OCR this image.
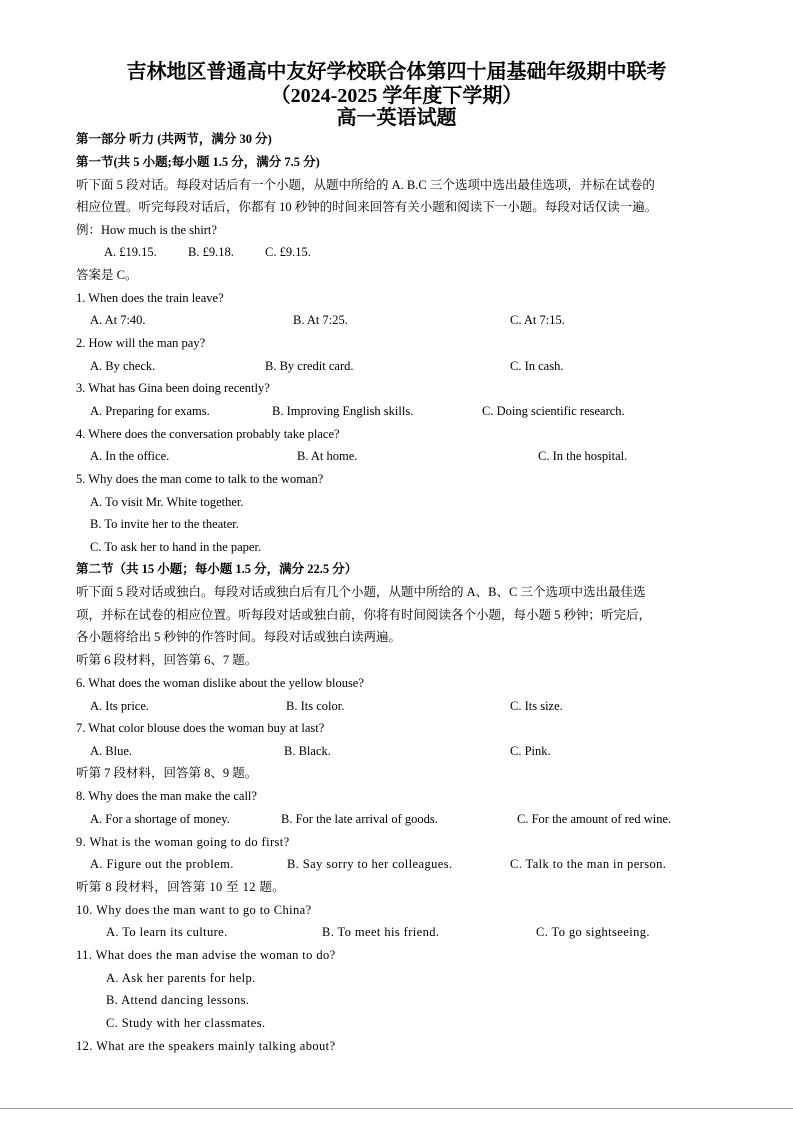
吉林地区普通高中友好学校联合体第四十届基础年级期中联考
（2024-2025 学年度下学期）
高一英语试题
第一部分 听力 (共两节，满分 30 分)
第一节(共 5 小题;每小题 1.5 分，满分 7.5 分)
听下面 5 段对话。每段对话后有一个小题，从题中所给的 A. B.C 三个选项中选出最佳选项，并标在试卷的
相应位置。听完每段对话后，你都有 10 秒钟的时间来回答有关小题和阅读下一小题。每段对话仅读一遍。
例：How much is the shirt?
A. £19.15. B. £9.18. C. £9.15.
答案是 C。
1. When does the train leave?
A. At 7:40.	B. At 7:25.	C. At 7:15.
2. How will the man pay?
A. By check.	B. By credit card.	C. In cash.
3. What has Gina been doing recently?
A. Preparing for exams.	B. Improving English skills.	C. Doing scientific research.
4. Where does the conversation probably take place?
A. In the office.	B. At home.	C. In the hospital.
5. Why does the man come to talk to the woman?
A. To visit Mr. White together.
B. To invite her to the theater.
C. To ask her to hand in the paper.
第二节（共 15 小题；每小题 1.5 分，满分 22.5 分）
听下面 5 段对话或独白。每段对话或独白后有几个小题，从题中所给的 A、B、C 三个选项中选出最佳选
项，并标在试卷的相应位置。听每段对话或独白前，你将有时间阅读各个小题，每小题 5 秒钟；听完后，
各小题将给出 5 秒钟的作答时间。每段对话或独白读两遍。
听第 6 段材料，回答第 6、7 题。
6. What does the woman dislike about the yellow blouse?
A. Its price.	B. Its color.	C. Its size.
7. What color blouse does the woman buy at last?
A. Blue.	B. Black.	C. Pink.
听第 7 段材料，回答第 8、9 题。
8. Why does the man make the call?
A. For a shortage of money.	B. For the late arrival of goods.	C. For the amount of red wine.
9. What is the woman going to do first?
A. Figure out the problem.	B. Say sorry to her colleagues.	C. Talk to the man in person.
听第 8 段材料，回答第 10 至 12 题。
10. Why does the man want to go to China?
A. To learn its culture.	B. To meet his friend.	C. To go sightseeing.
11. What does the man advise the woman to do?
A. Ask her parents for help.
B. Attend dancing lessons.
C. Study with her classmates.
12. What are the speakers mainly talking about?
